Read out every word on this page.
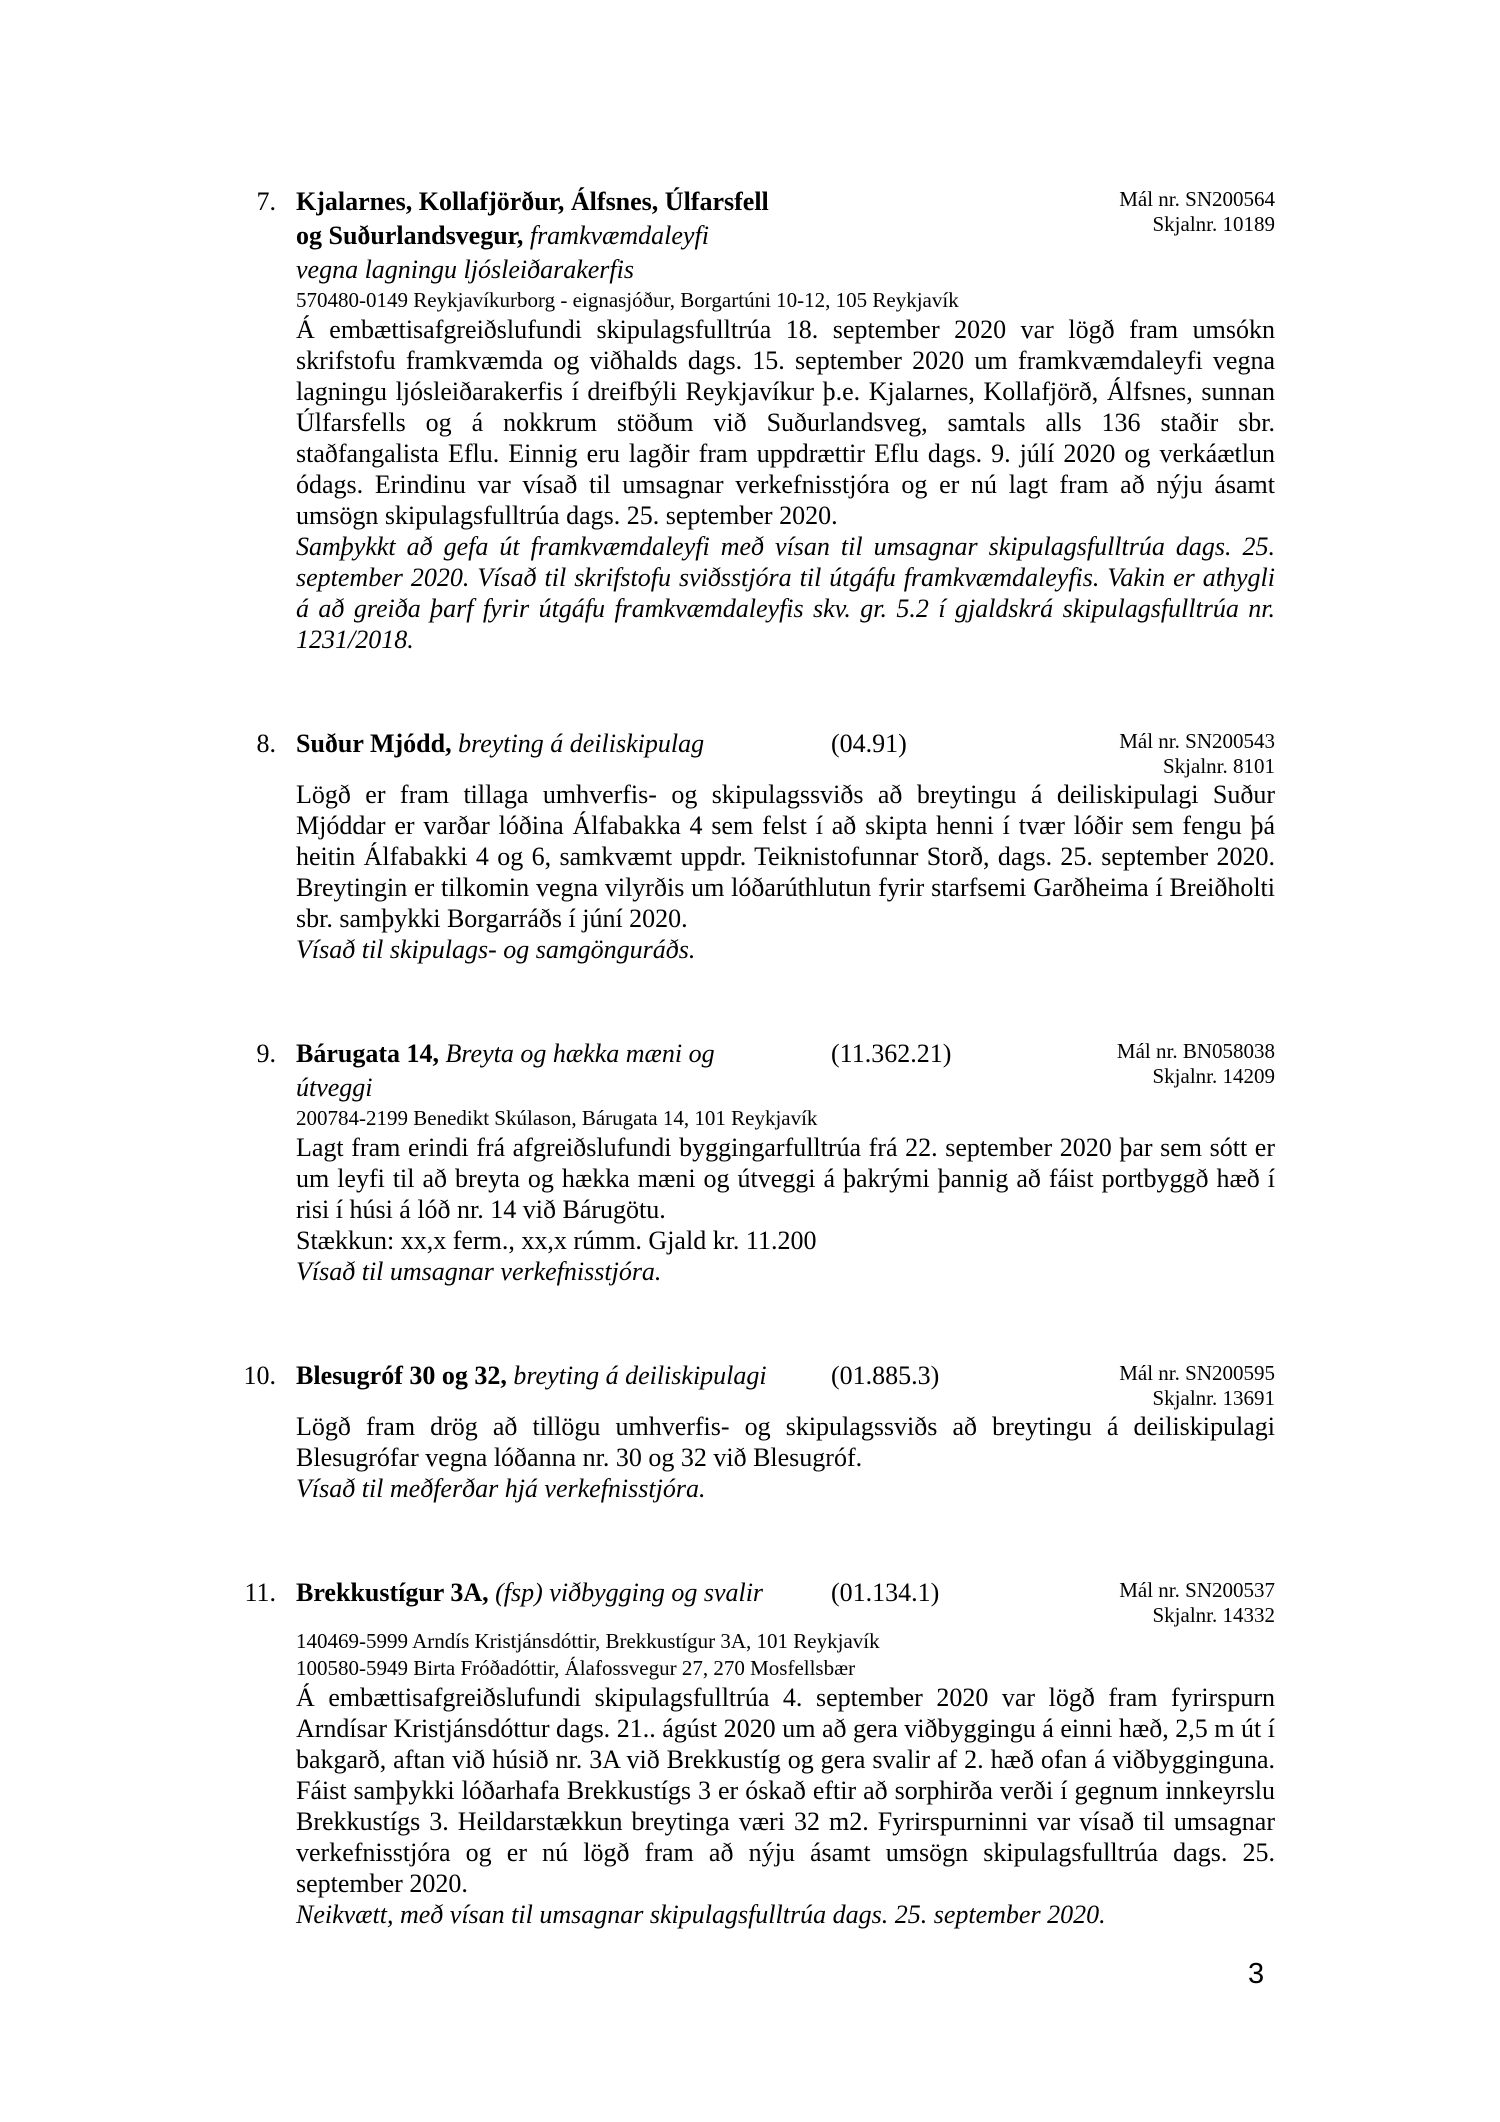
7. Kjalarnes, Kollafjörður, Álfsnes, Úlfarsfell
og Suðurlandsvegur, framkvæmdaleyfi
vegna lagningu ljósleiðarakerfis
Mál nr. SN200564
Skjalnr. 10189
570480-0149 Reykjavíkurborg - eignasjóður, Borgartúni 10-12, 105 Reykjavík

Á embættisafgreiðslufundi skipulagsfulltrúa 18. september 2020 var lögð fram umsókn skrifstofu framkvæmda og viðhalds dags. 15. september 2020 um framkvæmdaleyfi vegna lagningu ljósleiðarakerfis í dreifbýli Reykjavíkur þ.e. Kjalarnes, Kollafjörð, Álfsnes, sunnan Úlfarsfells og á nokkrum stöðum við Suðurlandsveg, samtals alls 136 staðir sbr. staðfangalista Eflu. Einnig eru lagðir fram uppdrættir Eflu dags. 9. júlí 2020 og verkáætlun ódags. Erindinu var vísað til umsagnar verkefnisstjóra og er nú lagt fram að nýju ásamt umsögn skipulagsfulltrúa dags. 25. september 2020.

Samþykkt að gefa út framkvæmdaleyfi með vísan til umsagnar skipulagsfulltrúa dags. 25. september 2020. Vísað til skrifstofu sviðsstjóra til útgáfu framkvæmdaleyfis. Vakin er athygli á að greiða þarf fyrir útgáfu framkvæmdaleyfis skv. gr. 5.2 í gjaldskrá skipulagsfulltrúa nr. 1231/2018.

8. Suður Mjódd, breyting á deiliskipulag	(04.91)	Mál nr. SN200543
Skjalnr. 8101

Lögð er fram tillaga umhverfis- og skipulagssviðs að breytingu á deiliskipulagi Suður Mjóddar er varðar lóðina Álfabakka 4 sem felst í að skipta henni í tvær lóðir sem fengu þá heitin Álfabakki 4 og 6, samkvæmt uppdr. Teiknistofunnar Storð, dags. 25. september 2020. Breytingin er tilkomin vegna vilyrðis um lóðarúthlutun fyrir starfsemi Garðheima í Breiðholti sbr. samþykki Borgarráðs í júní 2020.

Vísað til skipulags- og samgönguráðs.

9. Bárugata 14, Breyta og hækka mæni og
útveggi
(11.362.21)	Mál nr. BN058038
Skjalnr. 14209
200784-2199 Benedikt Skúlason, Bárugata 14, 101 Reykjavík

Lagt fram erindi frá afgreiðslufundi byggingarfulltrúa frá 22. september 2020 þar sem sótt er um leyfi til að breyta og hækka mæni og útveggi á þakrými þannig að fáist portbyggð hæð í risi í húsi á lóð nr. 14 við Bárugötu.

Stækkun: xx,x ferm., xx,x rúmm. Gjald kr. 11.200

Vísað til umsagnar verkefnisstjóra.

10. Blesugróf 30 og 32, breyting á deiliskipulagi	(01.885.3)	Mál nr. SN200595
Skjalnr. 13691

Lögð fram drög að tillögu umhverfis- og skipulagssviðs að breytingu á deiliskipulagi Blesugrófar vegna lóðanna nr. 30 og 32 við Blesugróf.

Vísað til meðferðar hjá verkefnisstjóra.

11. Brekkustígur 3A, (fsp) viðbygging og svalir	(01.134.1)	Mál nr. SN200537
Skjalnr. 14332
140469-5999 Arndís Kristjánsdóttir, Brekkustígur 3A, 101 Reykjavík
100580-5949 Birta Fróðadóttir, Álafossvegur 27, 270 Mosfellsbær

Á embættisafgreiðslufundi skipulagsfulltrúa 4. september 2020 var lögð fram fyrirspurn Arndísar Kristjánsdóttur dags. 21.. ágúst 2020 um að gera viðbyggingu á einni hæð, 2,5 m út í bakgarð, aftan við húsið nr. 3A við Brekkustíg og gera svalir af 2. hæð ofan á viðbygginguna. Fáist samþykki lóðarhafa Brekkustígs 3 er óskað eftir að sorphirða verði í gegnum innkeyrslu Brekkustígs 3. Heildarstækkun breytinga væri 32 m2. Fyrirspurninni var vísað til umsagnar verkefnisstjóra og er nú lögð fram að nýju ásamt umsögn skipulagsfulltrúa dags. 25. september 2020.

Neikvætt, með vísan til umsagnar skipulagsfulltrúa dags. 25. september 2020.

3
